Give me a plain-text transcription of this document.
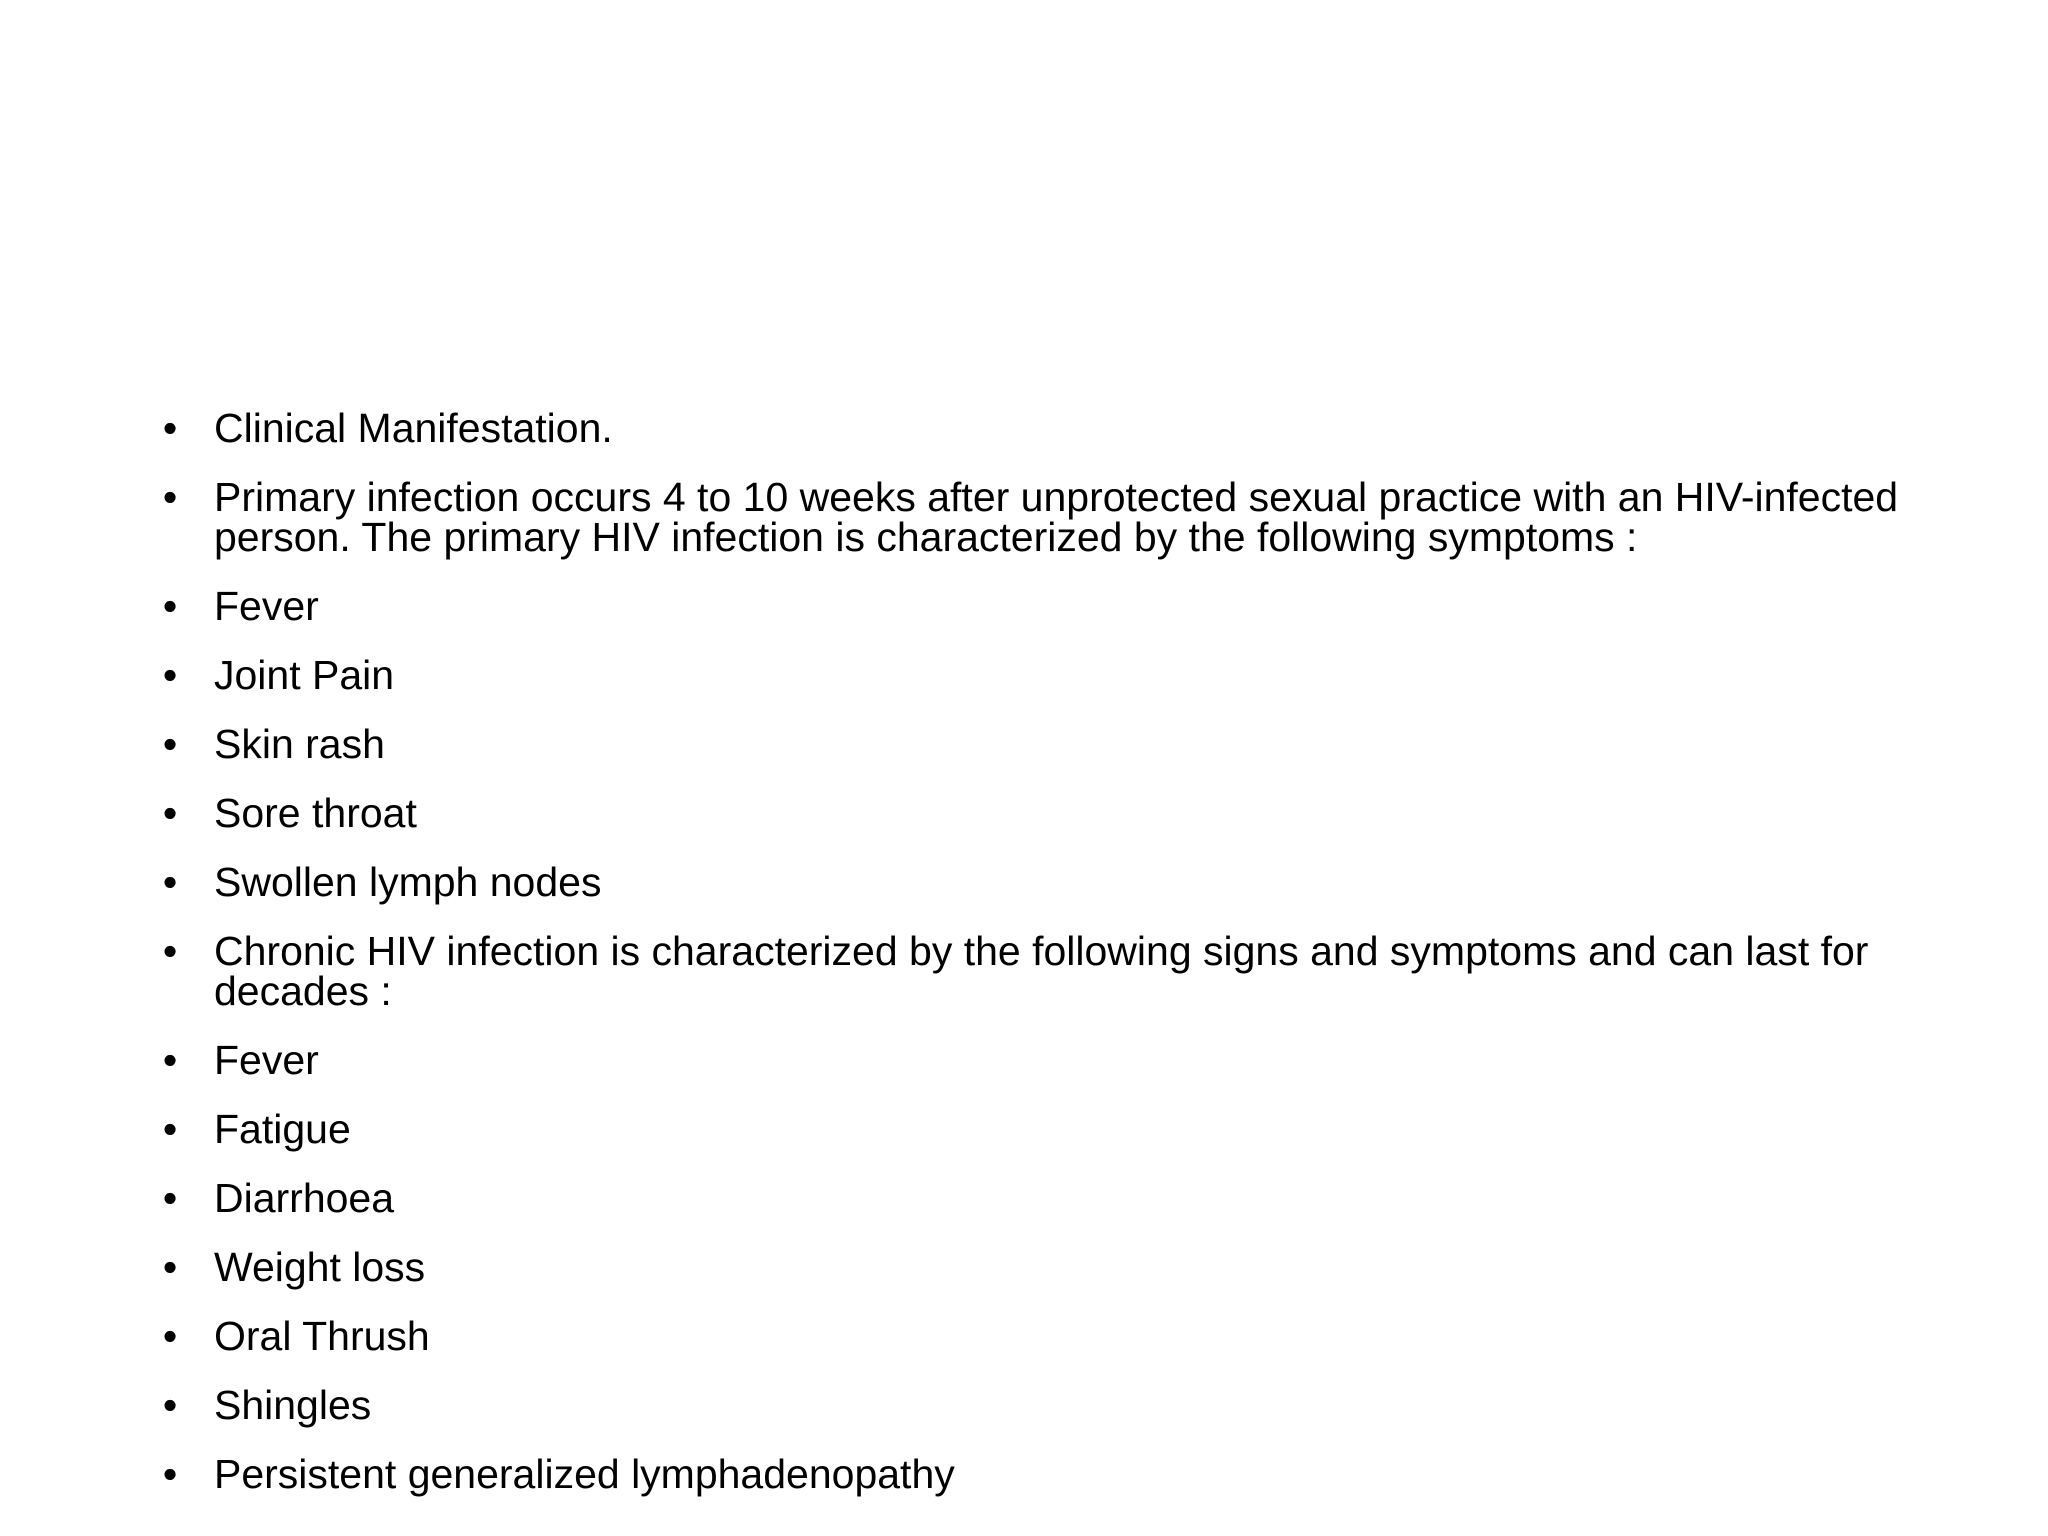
• Clinical Manifestation.
• Primary infection occurs 4 to 10 weeks after unprotected sexual practice with an HIV-infected person. The primary HIV infection is characterized by the following symptoms :
• Fever
• Joint Pain
• Skin rash
• Sore throat
• Swollen lymph nodes
• Chronic HIV infection is characterized by the following signs and symptoms and can last for decades :
• Fever
• Fatigue
• Diarrhoea
• Weight loss
• Oral Thrush
• Shingles
• Persistent generalized lymphadenopathy
